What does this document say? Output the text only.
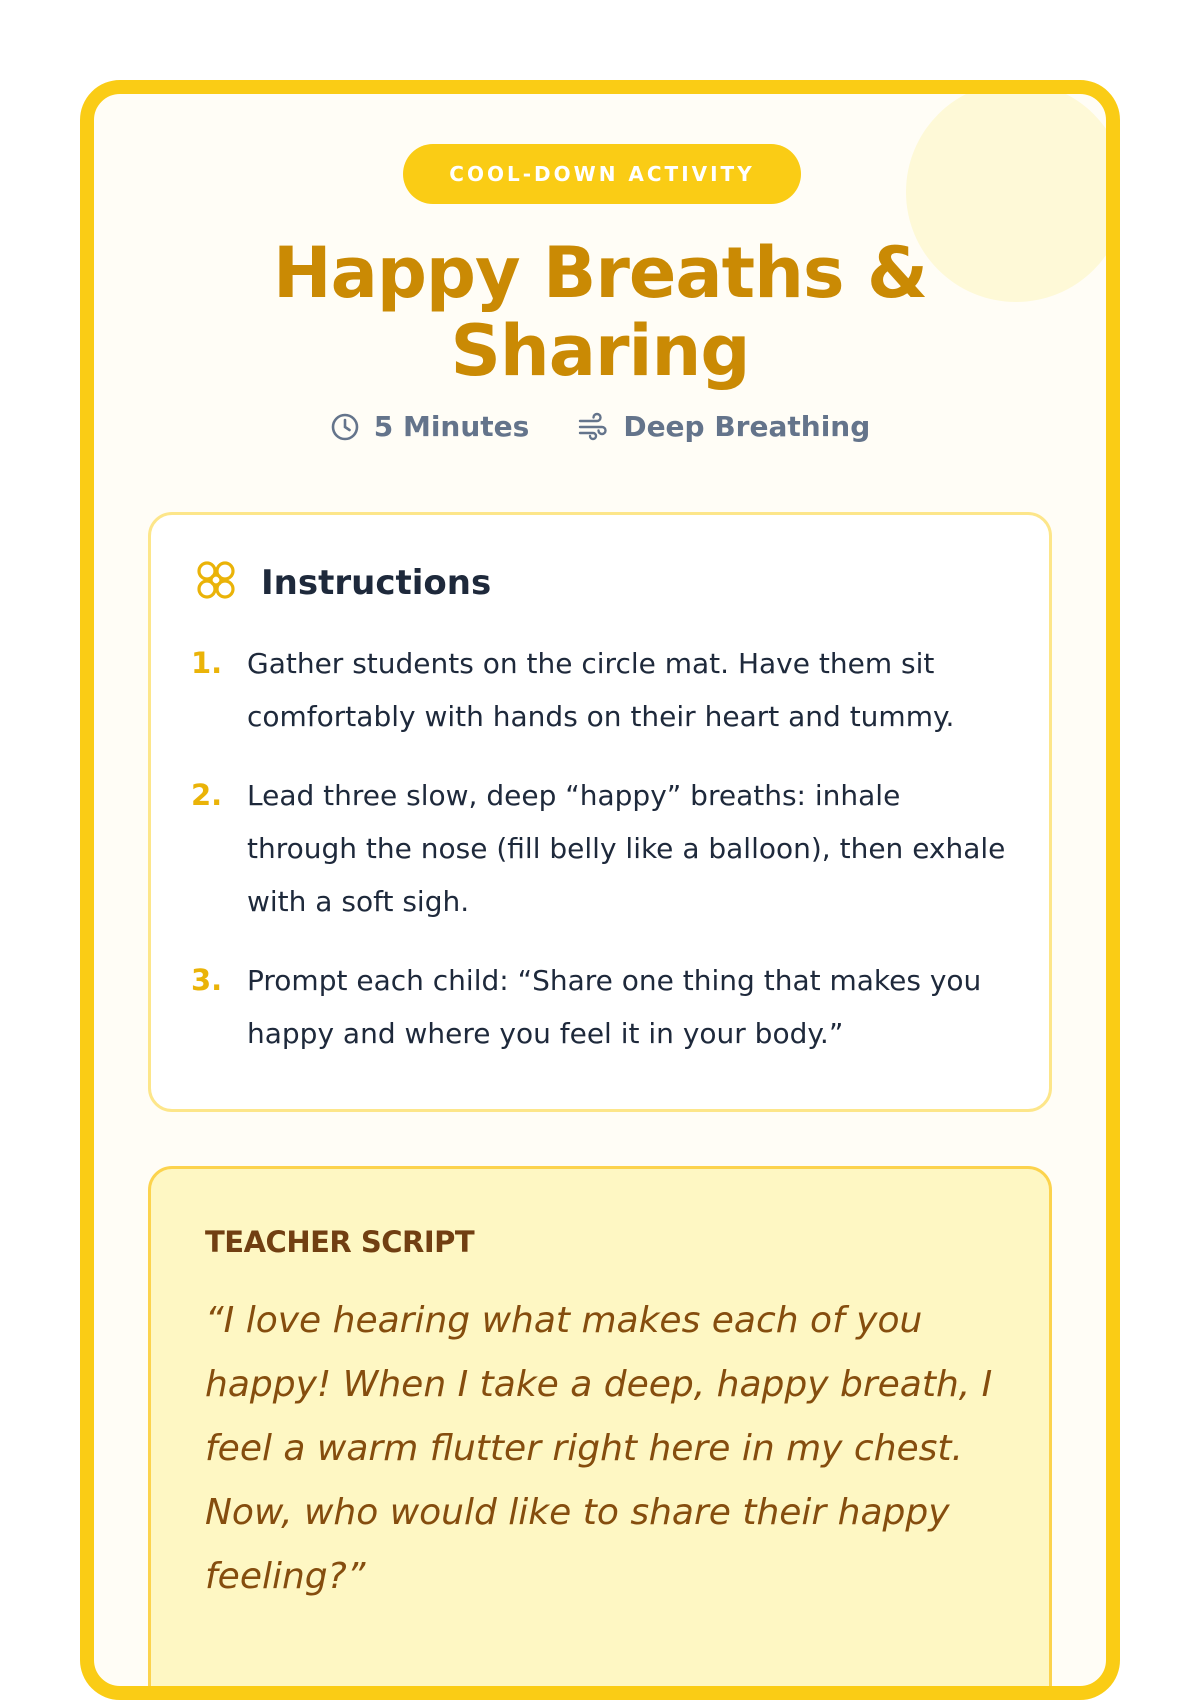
COOL-DOWN ACTIVITY
Happy Breaths &
Sharing
5 Minutes	Deep Breathing
Instructions
1. Gather students on the circle mat. Have them sit comfortably with hands on their heart and tummy.
2. Lead three slow, deep “happy” breaths: inhale through the nose (fill belly like a balloon), then exhale with a soft sigh.
3. Prompt each child: “Share one thing that makes you happy and where you feel it in your body.”
TEACHER SCRIPT
“I love hearing what makes each of you happy! When I take a deep, happy breath, I feel a warm flutter right here in my chest. Now, who would like to share their happy feeling?”
